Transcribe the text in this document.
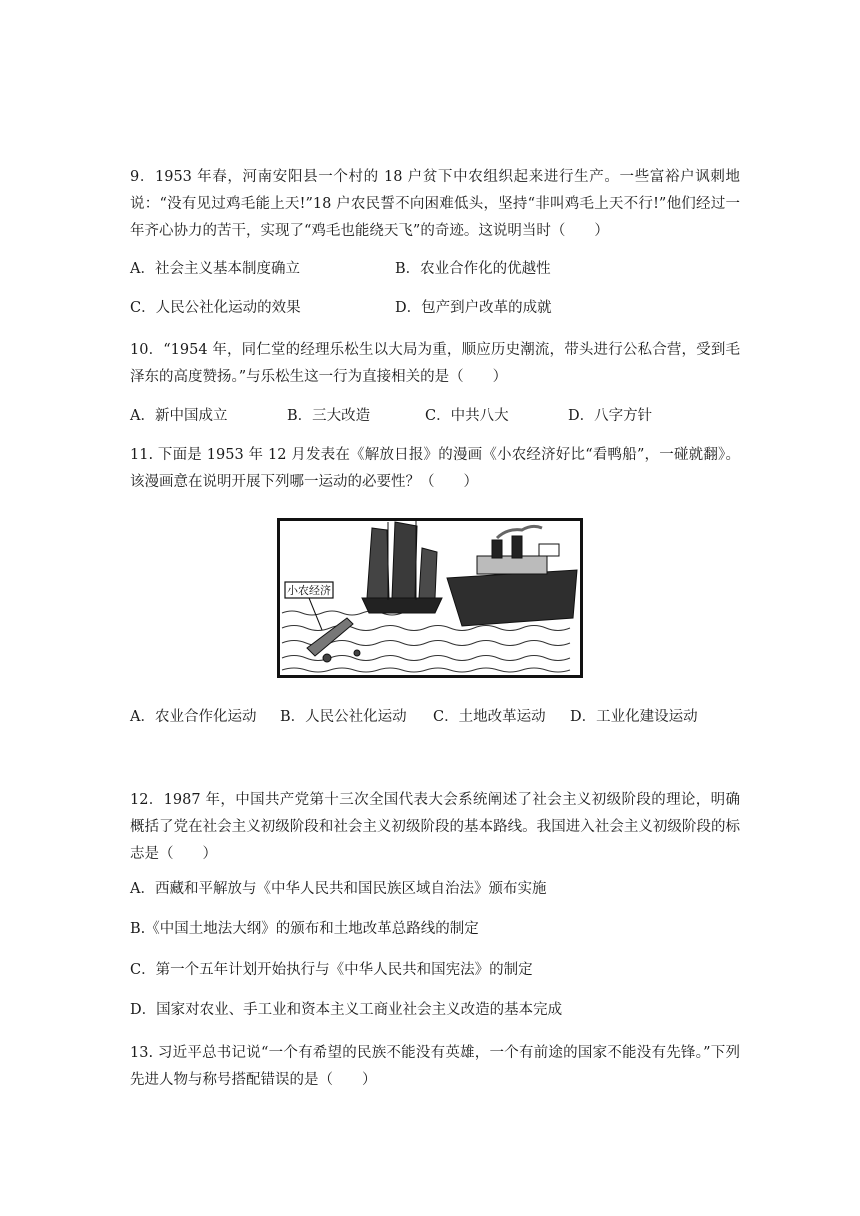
9．1953 年春，河南安阳县一个村的 18 户贫下中农组织起来进行生产。一些富裕户讽刺地说：“没有见过鸡毛能上天!”18 户农民誓不向困难低头，坚持“非叫鸡毛上天不行!”他们经过一年齐心协力的苦干，实现了“鸡毛也能绕天飞”的奇迹。这说明当时（　　）

A．社会主义基本制度确立	B．农业合作化的优越性
C．人民公社化运动的效果	D．包产到户改革的成就

10．“1954 年，同仁堂的经理乐松生以大局为重，顺应历史潮流，带头进行公私合营，受到毛泽东的高度赞扬。”与乐松生这一行为直接相关的是（　　）

A．新中国成立	B．三大改造	C．中共八大	D．八字方针

11. 下面是 1953 年 12 月发表在《解放日报》的漫画《小农经济好比“看鸭船”，一碰就翻》。该漫画意在说明开展下列哪一运动的必要性？（　　）

小农经济
A．农业合作化运动 B．人民公社化运动 C．土地改革运动 D．工业化建设运动

12．1987 年，中国共产党第十三次全国代表大会系统阐述了社会主义初级阶段的理论，明确概括了党在社会主义初级阶段和社会主义初级阶段的基本路线。我国进入社会主义初级阶段的标志是（　　）

A．西藏和平解放与《中华人民共和国民族区域自治法》颁布实施
B.《中国土地法大纲》的颁布和土地改革总路线的制定
C．第一个五年计划开始执行与《中华人民共和国宪法》的制定
D．国家对农业、手工业和资本主义工商业社会主义改造的基本完成

13. 习近平总书记说“一个有希望的民族不能没有英雄，一个有前途的国家不能没有先锋。”下列先进人物与称号搭配错误的是（　　）
